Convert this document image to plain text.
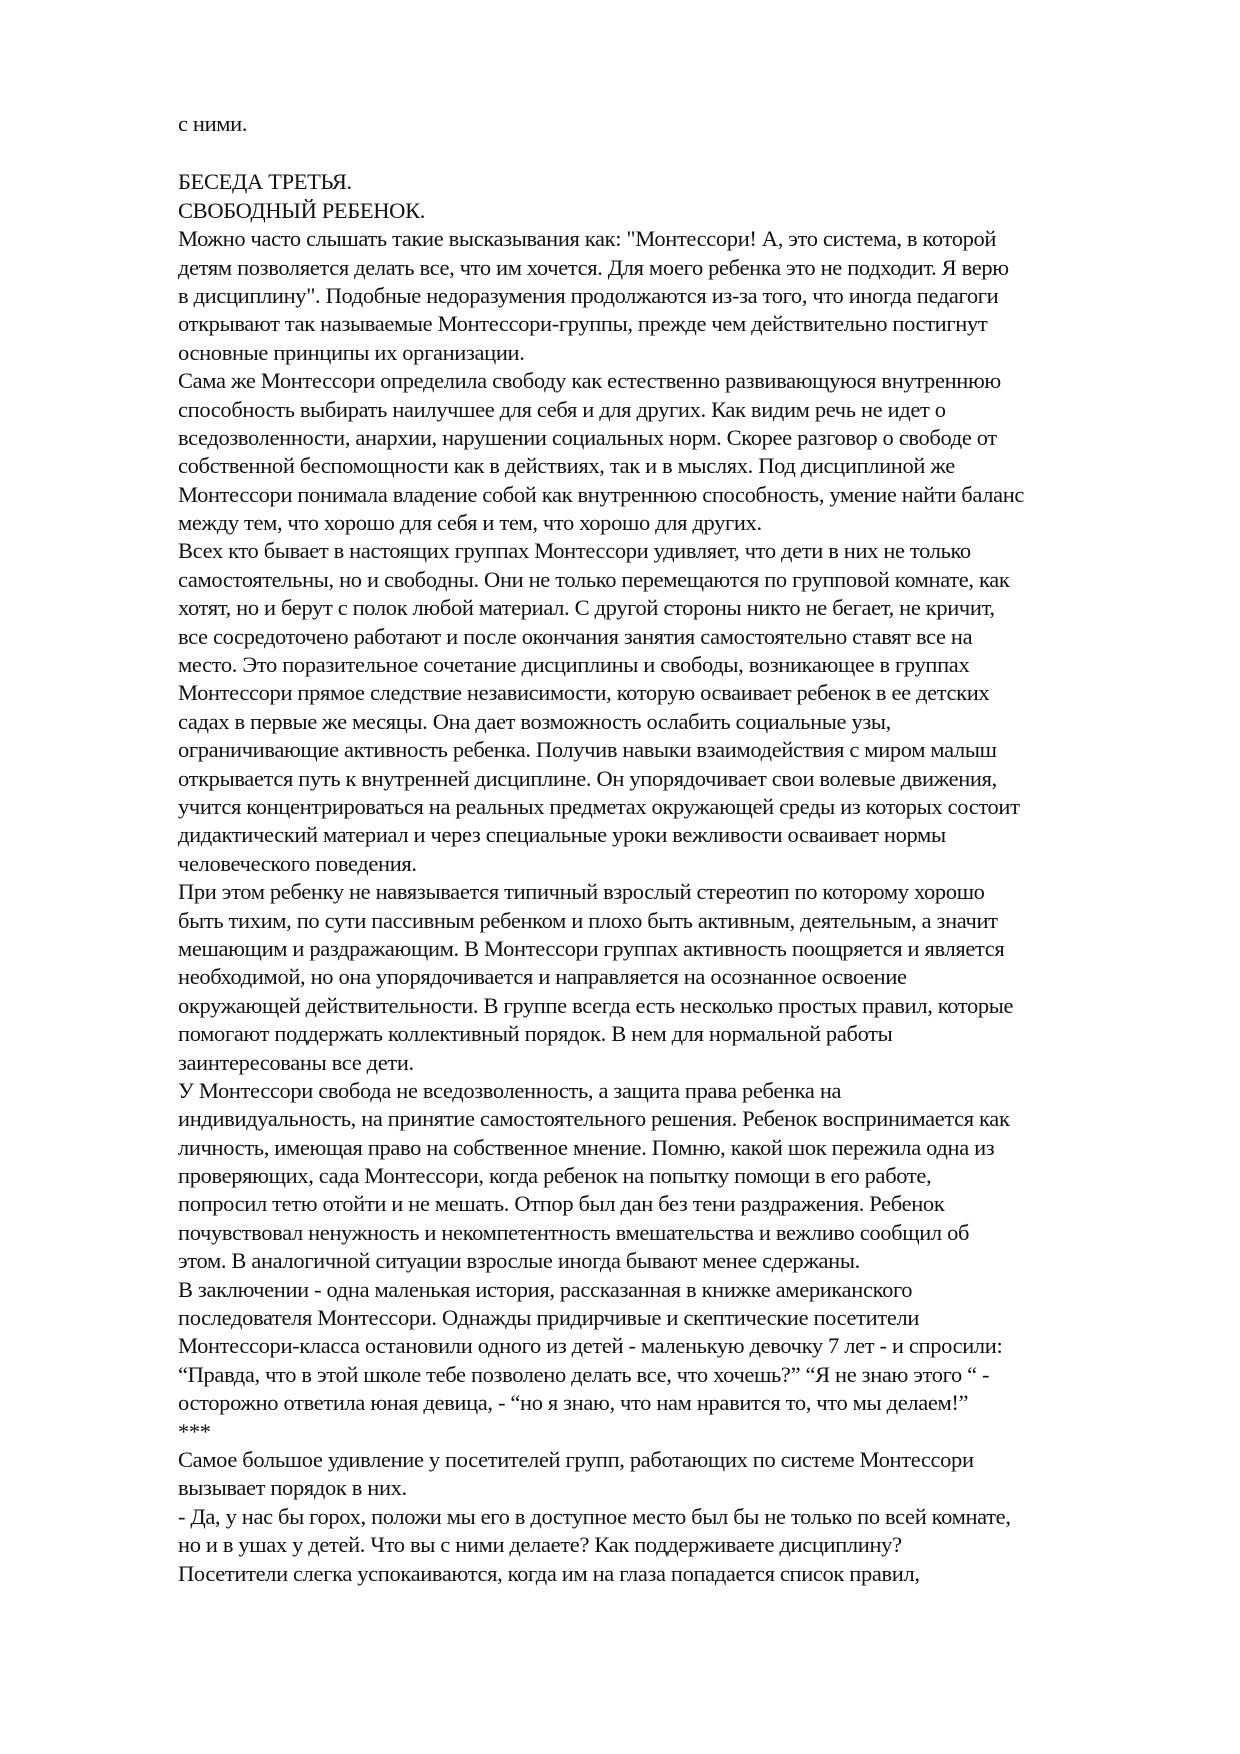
с ними.
БЕСЕДА ТРЕТЬЯ.
СВОБОДНЫЙ РЕБЕНОК.
Можно часто слышать такие высказывания как: "Монтессори! А, это система, в которой
детям позволяется делать все, что им хочется. Для моего ребенка это не подходит. Я верю
в дисциплину". Подобные недоразумения продолжаются из-за того, что иногда педагоги
открывают так называемые Монтессори-группы, прежде чем действительно постигнут
основные принципы их организации.
Сама же Монтессори определила свободу как естественно развивающуюся внутреннюю
способность выбирать наилучшее для себя и для других. Как видим речь не идет о
вседозволенности, анархии, нарушении социальных норм. Скорее разговор о свободе от
собственной беспомощности как в действиях, так и в мыслях. Под дисциплиной же
Монтессори понимала владение собой как внутреннюю способность, умение найти баланс
между тем, что хорошо для себя и тем, что хорошо для других.
Всех кто бывает в настоящих группах Монтессори удивляет, что дети в них не только
самостоятельны, но и свободны. Они не только перемещаются по групповой комнате, как
хотят, но и берут с полок любой материал. С другой стороны никто не бегает, не кричит,
все сосредоточено работают и после окончания занятия самостоятельно ставят все на
место. Это поразительное сочетание дисциплины и свободы, возникающее в группах
Монтессори прямое следствие независимости, которую осваивает ребенок в ее детских
садах в первые же месяцы. Она дает возможность ослабить социальные узы,
ограничивающие активность ребенка. Получив навыки взаимодействия с миром малыш
открывается путь к внутренней дисциплине. Он упорядочивает свои волевые движения,
учится концентрироваться на реальных предметах окружающей среды из которых состоит
дидактический материал и через специальные уроки вежливости осваивает нормы
человеческого поведения.
При этом ребенку не навязывается типичный взрослый стереотип по которому хорошо
быть тихим, по сути пассивным ребенком и плохо быть активным, деятельным, а значит
мешающим и раздражающим. В Монтессори группах активность поощряется и является
необходимой, но она упорядочивается и направляется на осознанное освоение
окружающей действительности. В группе всегда есть несколько простых правил, которые
помогают поддержать коллективный порядок. В нем для нормальной работы
заинтересованы все дети.
У Монтессори свобода не вседозволенность, а защита права ребенка на
индивидуальность, на принятие самостоятельного решения. Ребенок воспринимается как
личность, имеющая право на собственное мнение. Помню, какой шок пережила одна из
проверяющих, сада Монтессори, когда ребенок на попытку помощи в его работе,
попросил тетю отойти и не мешать. Отпор был дан без тени раздражения. Ребенок
почувствовал ненужность и некомпетентность вмешательства и вежливо сообщил об
этом. В аналогичной ситуации взрослые иногда бывают менее сдержаны.
В заключении - одна маленькая история, рассказанная в книжке американского
последователя Монтессори. Однажды придирчивые и скептические посетители
Монтессори-класса остановили одного из детей - маленькую девочку 7 лет - и спросили:
“Правда, что в этой школе тебе позволено делать все, что хочешь?” “Я не знаю этого “ -
осторожно ответила юная девица, - “но я знаю, что нам нравится то, что мы делаем!”
***
Самое большое удивление у посетителей групп, работающих по системе Монтессори
вызывает порядок в них.
- Да, у нас бы горох, положи мы его в доступное место был бы не только по всей комнате,
но и в ушах у детей. Что вы с ними делаете? Как поддерживаете дисциплину?
Посетители слегка успокаиваются, когда им на глаза попадается список правил,
